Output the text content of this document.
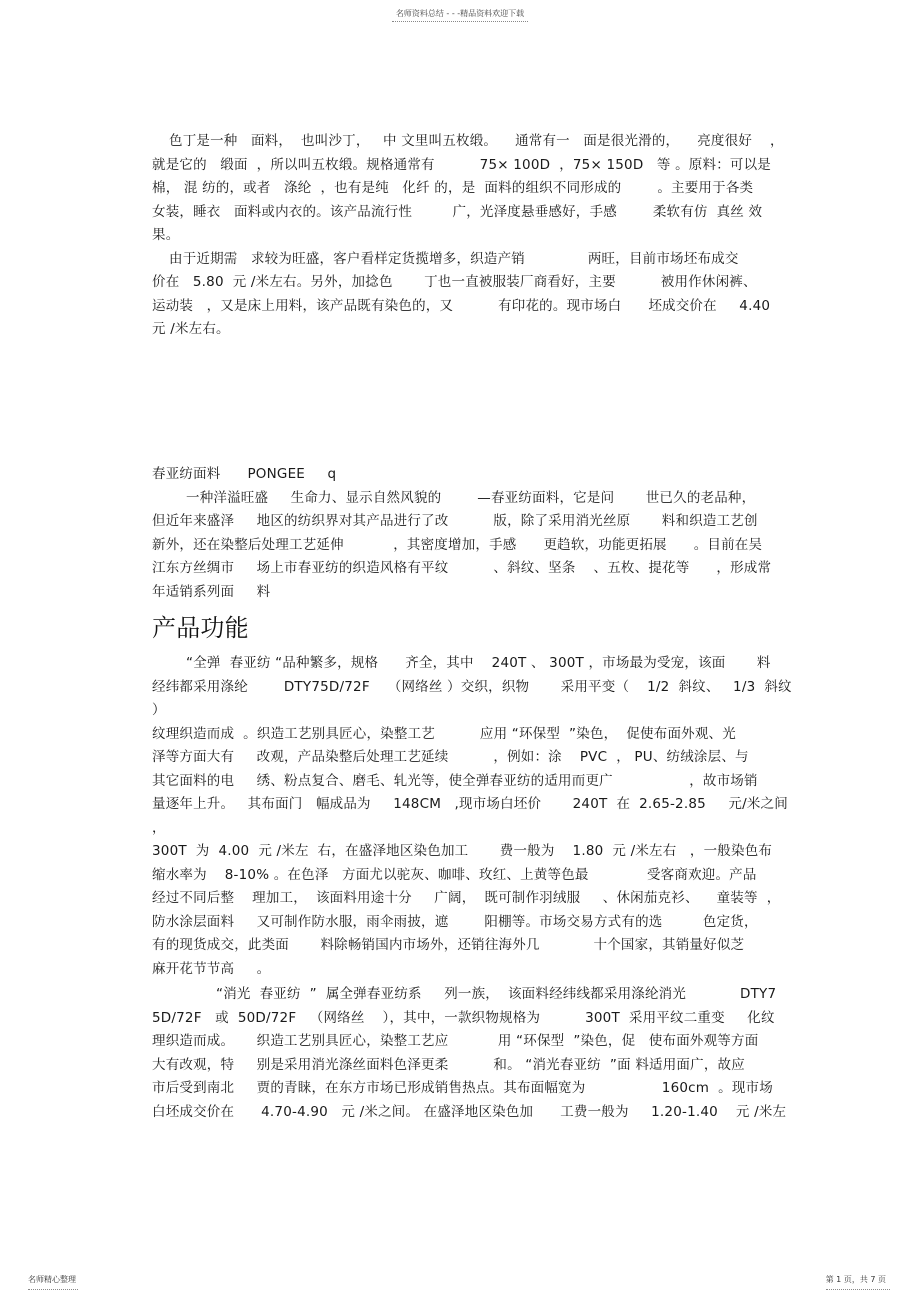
名师资料总结 - - -精品资料欢迎下载

色丁是一种   面料，  也叫沙丁，   中 文里叫五枚缎。    通常有一   面是很光滑的，    亮度很好    ，

就是它的   缎面  ，所以叫五枚缎。规格通常有          75× 100D  ，75× 150D   等 。原料：可以是

棉， 混 纺的，或者   涤纶  ，也有是纯   化纤 的，是  面料的组织不同形成的        。主要用于各类

女装，睡衣   面料或内衣的。该产品流行性         广，光泽度悬垂感好，手感        柔软有仿  真丝 效

果。

由于近期需   求较为旺盛，客户看样定货揽增多，织造产销              两旺，目前市场坯布成交

价在   5.80  元 /米左右。另外，加捻色       丁也一直被服装厂商看好，主要          被用作休闲裤、

运动装   ，又是床上用料，该产品既有染色的，又          有印花的。现市场白      坯成交价在     4.40

元 /米左右。

春亚纺面料      PONGEE     q

一种洋溢旺盛     生命力、显示自然风貌的        —春亚纺面料，它是问       世已久的老品种，

但近年来盛泽     地区的纺织界对其产品进行了改          版，除了采用消光丝原       料和织造工艺创

新外，还在染整后处理工艺延伸           ，其密度增加，手感      更趋软，功能更拓展      。目前在吴

江东方丝绸市     场上市春亚纺的织造风格有平纹          、斜纹、坚条    、五枚、提花等      ，形成常

年适销系列面     料

产品功能

“全弹  春亚纺 “品种繁多，规格      齐全，其中    240T 、 300T ，市场最为受宠，该面       料

经纬都采用涤纶        DTY75D/72F    （网络丝 ）交织，织物       采用平变（    1/2  斜纹、   1/3  斜纹  ）

纹理织造而成  。织造工艺别具匠心，染整工艺          应用 “环保型  ”染色，  促使布面外观、光

泽等方面大有     改观，产品染整后处理工艺延续          ，例如：涂    PVC  ， PU、纺绒涂层、与

其它面料的电     绣、粉点复合、磨毛、轧光等，使全弹春亚纺的适用而更广                 ，故市场销

量逐年上升。   其布面门   幅成品为     148CM   ,现市场白坯价       240T  在  2.65-2.85     元/米之间   ，

300T  为  4.00  元 /米左  右，在盛泽地区染色加工       费一般为    1.80  元 /米左右   ，一般染色布

缩水率为    8-10% 。在色泽   方面尤以驼灰、咖啡、玫红、上黄等色最             受客商欢迎。产品

经过不同后整    理加工，  该面料用途十分     广阔，  既可制作羽绒服     、休闲茄克衫、    童装等  ，

防水涂层面料     又可制作防水服，雨伞雨披，遮        阳棚等。市场交易方式有的选         色定货，

有的现货成交，此类面       料除畅销国内市场外，还销往海外几            十个国家，其销量好似芝

麻开花节节高     。

“消光  春亚纺  ”  属全弹春亚纺系     列一族，  该面料经纬线都采用涤纶消光            DTY7

5D/72F   或  50D/72F   （网络丝    ），其中，一款织物规格为          300T  采用平纹二重变     化纹

理织造而成。     织造工艺别具匠心，染整工艺应           用 “环保型  ”染色，促   使布面外观等方面

大有改观，特     别是采用消光涤丝面料色泽更柔          和。 “消光春亚纺  ”面 料适用面广，故应

市后受到南北     贾的青睐，在东方市场已形成销售热点。其布面幅宽为                 160cm  。现市场

白坯成交价在      4.70-4.90   元 /米之间。 在盛泽地区染色加      工费一般为     1.20-1.40    元 /米左

名师精心整理	第 1 页，共 7 页
